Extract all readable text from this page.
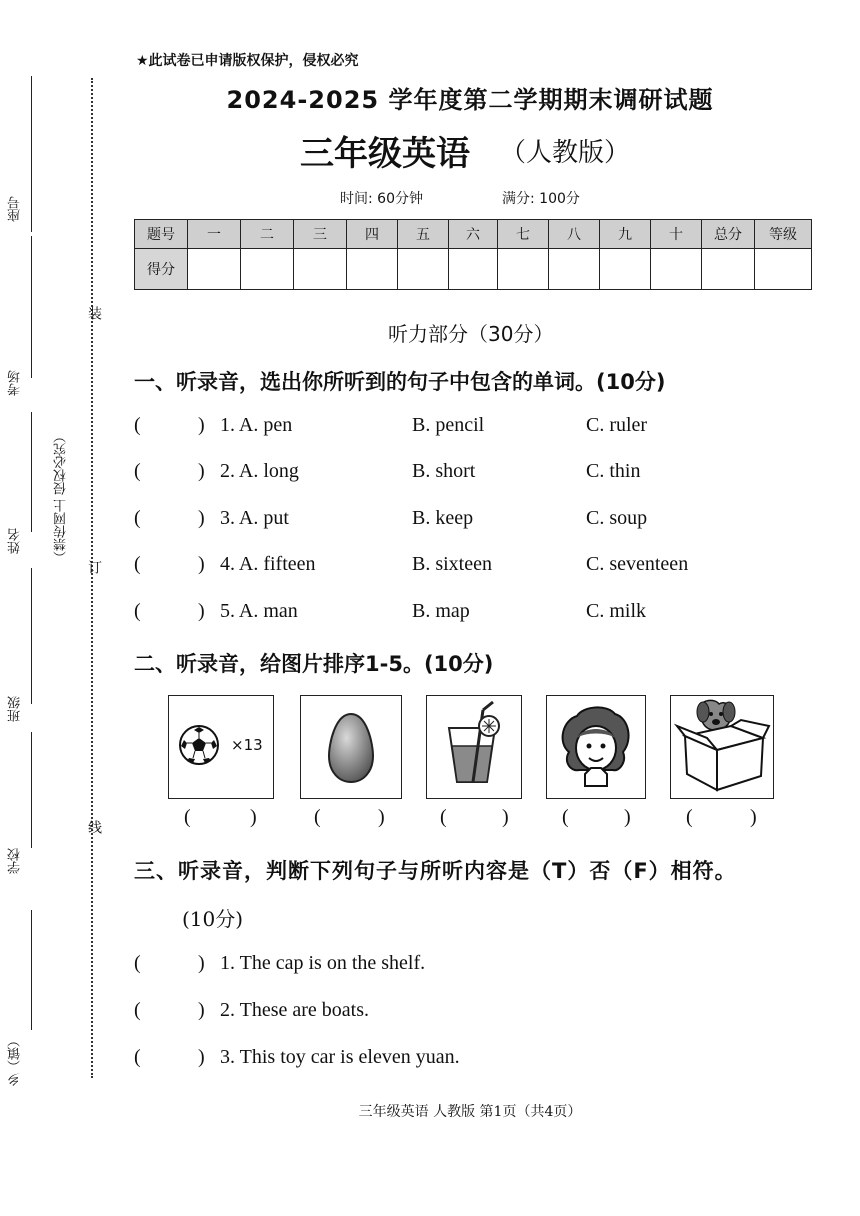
座号
考场
姓名
班级
学校
乡（镇）
（禁传网上 侵权必究）
装
订
线
★此试卷已申请版权保护，侵权必究
2024-2025 学年度第二学期期末调研试题
三年级英语 （人教版）
时间: 60分钟	满分: 100分
题号	一	二	三	四	五	六	七	八	九	十	总分	等级
得分												
听力部分（30分）
一、听录音，选出你所听到的句子中包含的单词。(10分)
(	) 1. A. pen	B. pencil	C. ruler
(	) 2. A. long	B. short	C. thin
(	) 3. A. put	B. keep	C. soup
(	) 4. A. fifteen	B. sixteen	C. seventeen
(	) 5. A. man	B. map	C. milk
二、听录音，给图片排序1-5。(10分)
×13
(	)	(	)	(	)	(	)	(	)
三、听录音，判断下列句子与所听内容是（T）否（F）相符。
(10分)
(	) 1. The cap is on the shelf.
(	) 2. These are boats.
(	) 3. This toy car is eleven yuan.
三年级英语 人教版 第1页（共4页）
